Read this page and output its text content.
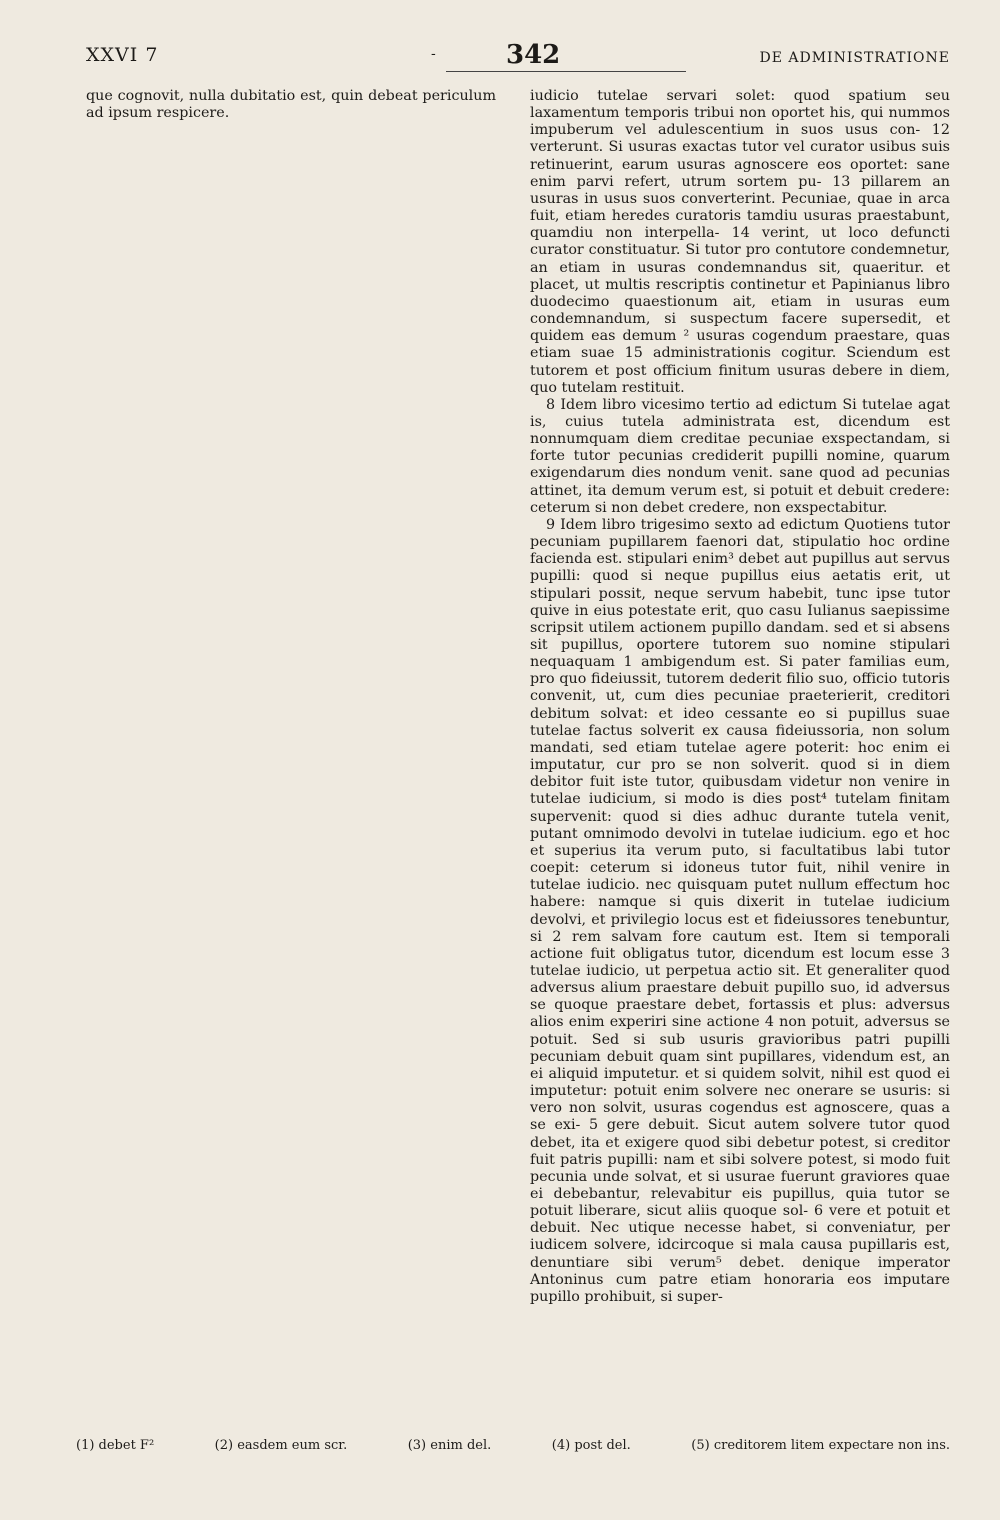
XXVI 7	-	342	DE ADMINISTRATIONE

que cognovit, nulla dubitatio est, quin debeat periculum ad ipsum respicere.

iudicio tutelae servari solet: quod spatium seu laxamentum temporis tribui non oportet his, qui nummos impuberum vel adulescentium in suos usus con- 12 verterunt. Si usuras exactas tutor vel curator usibus suis retinuerint, earum usuras agnoscere eos oportet: sane enim parvi refert, utrum sortem pu- 13 pillarem an usuras in usus suos converterint. Pecuniae, quae in arca fuit, etiam heredes curatoris tamdiu usuras praestabunt, quamdiu non interpella- 14 verint, ut loco defuncti curator constituatur. Si tutor pro contutore condemnetur, an etiam in usuras condemnandus sit, quaeritur. et placet, ut multis rescriptis continetur et Papinianus libro duodecimo quaestionum ait, etiam in usuras eum condemnandum, si suspectum facere supersedit, et quidem eas demum ² usuras cogendum praestare, quas etiam suae 15 administrationis cogitur. Sciendum est tutorem et post officium finitum usuras debere in diem, quo tutelam restituit.

8 Idem libro vicesimo tertio ad edictum Si tutelae agat is, cuius tutela administrata est, dicendum est nonnumquam diem creditae pecuniae exspectandam, si forte tutor pecunias crediderit pupilli nomine, quarum exigendarum dies nondum venit. sane quod ad pecunias attinet, ita demum verum est, si potuit et debuit credere: ceterum si non debet credere, non exspectabitur.

9 Idem libro trigesimo sexto ad edictum Quotiens tutor pecuniam pupillarem faenori dat, stipulatio hoc ordine facienda est. stipulari enim³ debet aut pupillus aut servus pupilli: quod si neque pupillus eius aetatis erit, ut stipulari possit, neque servum habebit, tunc ipse tutor quive in eius potestate erit, quo casu Iulianus saepissime scripsit utilem actionem pupillo dandam. sed et si absens sit pupillus, oportere tutorem suo nomine stipulari nequaquam 1 ambigendum est. Si pater familias eum, pro quo fideiussit, tutorem dederit filio suo, officio tutoris convenit, ut, cum dies pecuniae praeterierit, creditori debitum solvat: et ideo cessante eo si pupillus suae tutelae factus solverit ex causa fideiussoria, non solum mandati, sed etiam tutelae agere poterit: hoc enim ei imputatur, cur pro se non solverit. quod si in diem debitor fuit iste tutor, quibusdam videtur non venire in tutelae iudicium, si modo is dies post⁴ tutelam finitam supervenit: quod si dies adhuc durante tutela venit, putant omnimodo devolvi in tutelae iudicium. ego et hoc et superius ita verum puto, si facultatibus labi tutor coepit: ceterum si idoneus tutor fuit, nihil venire in tutelae iudicio. nec quisquam putet nullum effectum hoc habere: namque si quis dixerit in tutelae iudicium devolvi, et privilegio locus est et fideiussores tenebuntur, si 2 rem salvam fore cautum est. Item si temporali actione fuit obligatus tutor, dicendum est locum esse 3 tutelae iudicio, ut perpetua actio sit. Et generaliter quod adversus alium praestare debuit pupillo suo, id adversus se quoque praestare debet, fortassis et plus: adversus alios enim experiri sine actione 4 non potuit, adversus se potuit. Sed si sub usuris gravioribus patri pupilli pecuniam debuit quam sint pupillares, videndum est, an ei aliquid imputetur. et si quidem solvit, nihil est quod ei imputetur: potuit enim solvere nec onerare se usuris: si vero non solvit, usuras cogendus est agnoscere, quas a se exi- 5 gere debuit. Sicut autem solvere tutor quod debet, ita et exigere quod sibi debetur potest, si creditor fuit patris pupilli: nam et sibi solvere potest, si modo fuit pecunia unde solvat, et si usurae fuerunt graviores quae ei debebantur, relevabitur eis pupillus, quia tutor se potuit liberare, sicut aliis quoque sol- 6 vere et potuit et debuit. Nec utique necesse habet, si conveniatur, per iudicem solvere, idcircoque si mala causa pupillaris est, denuntiare sibi verum⁵ debet. denique imperator Antoninus cum patre etiam honoraria eos imputare pupillo prohibuit, si super-

(1) debet F²	(2) easdem eum scr.	(3) enim del.	(4) post del.	(5) creditorem litem expectare non ins.
